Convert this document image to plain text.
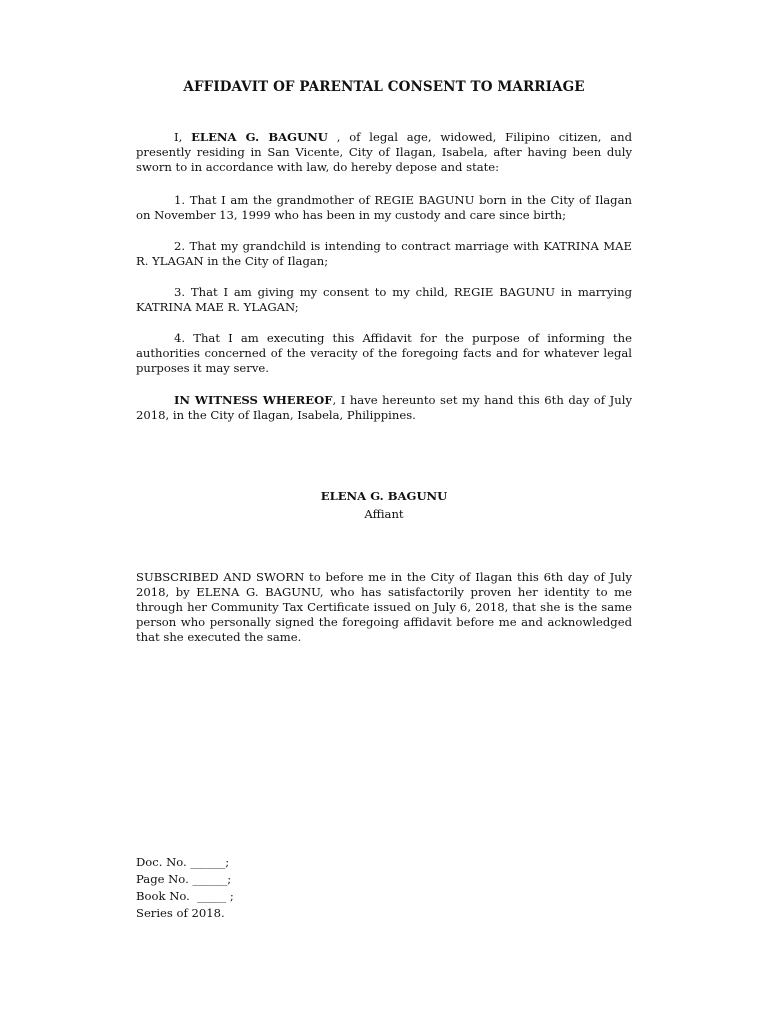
AFFIDAVIT OF PARENTAL CONSENT TO MARRIAGE

I, ELENA G. BAGUNU , of legal age, widowed, Filipino citizen, and presently residing in San Vicente, City of Ilagan, Isabela, after having been duly sworn to in accordance with law, do hereby depose and state:

1. That I am the grandmother of REGIE BAGUNU born in the City of Ilagan on November 13, 1999 who has been in my custody and care since birth;

2. That my grandchild is intending to contract marriage with KATRINA MAE R. YLAGAN in the City of Ilagan;

3. That I am giving my consent to my child, REGIE BAGUNU in marrying KATRINA MAE R. YLAGAN;

4. That I am executing this Affidavit for the purpose of informing the authorities concerned of the veracity of the foregoing facts and for whatever legal purposes it may serve.

IN WITNESS WHEREOF, I have hereunto set my hand this 6th day of July 2018, in the City of Ilagan, Isabela, Philippines.

ELENA G. BAGUNU
Affiant

SUBSCRIBED AND SWORN to before me in the City of Ilagan this 6th day of July 2018, by ELENA G. BAGUNU, who has satisfactorily proven her identity to me through her Community Tax Certificate issued on July 6, 2018, that she is the same person who personally signed the foregoing affidavit before me and acknowledged that she executed the same.

Doc. No. ______;
Page No. ______;
Book No.  _____ ;
Series of 2018.
